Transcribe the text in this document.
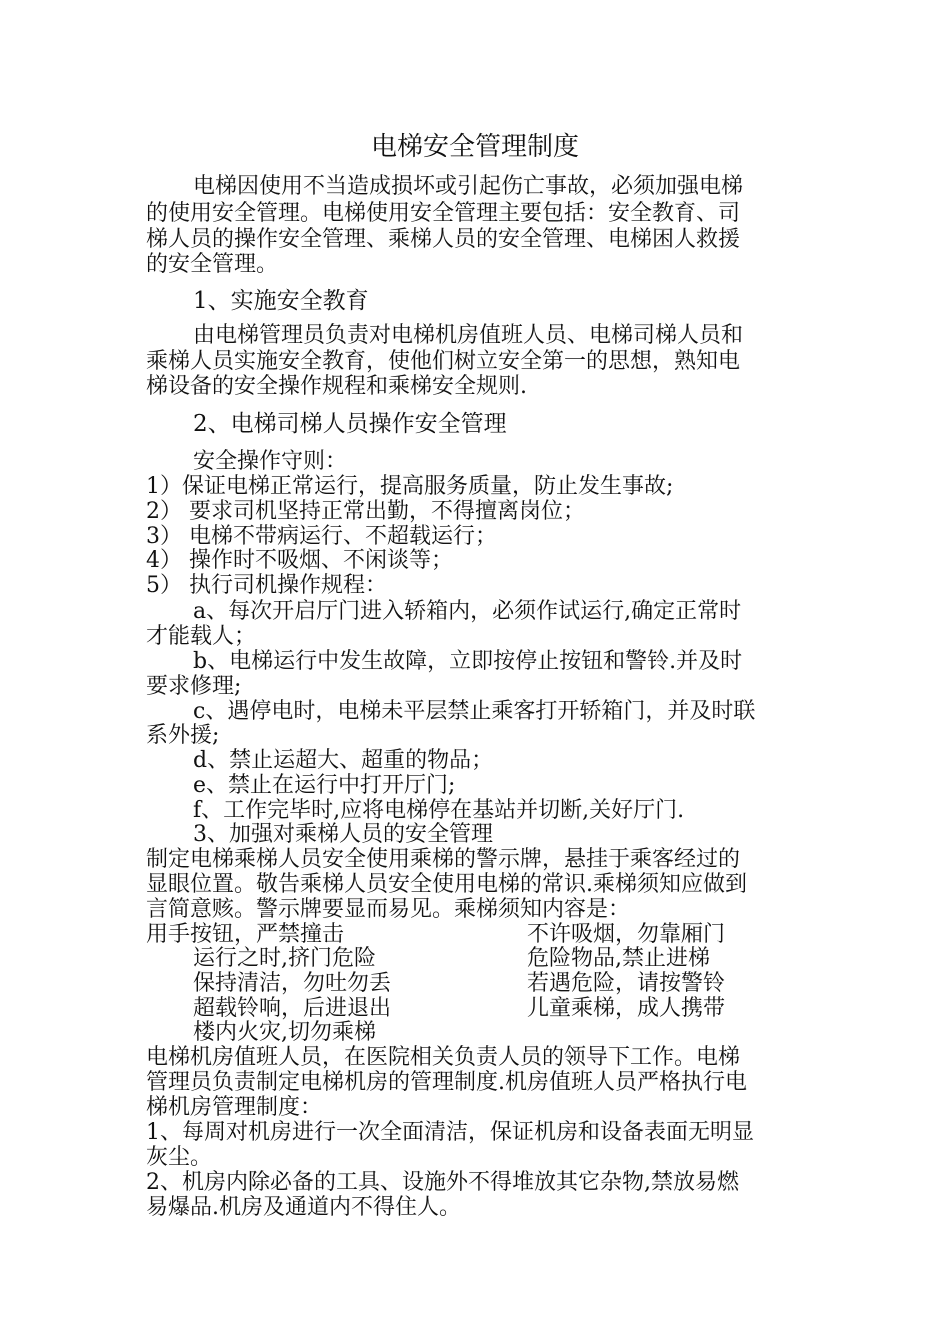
电梯安全管理制度
电梯因使用不当造成损坏或引起伤亡事故，必须加强电梯
的使用安全管理。电梯使用安全管理主要包括：安全教育、司
梯人员的操作安全管理、乘梯人员的安全管理、电梯困人救援
的安全管理。
1、实施安全教育
由电梯管理员负责对电梯机房值班人员、电梯司梯人员和
乘梯人员实施安全教育，使他们树立安全第一的思想，熟知电
梯设备的安全操作规程和乘梯安全规则.
2、电梯司梯人员操作安全管理
安全操作守则：
1）保证电梯正常运行，提高服务质量，防止发生事故;
2） 要求司机坚持正常出勤，不得擅离岗位；
3） 电梯不带病运行、不超载运行；
4） 操作时不吸烟、不闲谈等；
5） 执行司机操作规程：
a、每次开启厅门进入轿箱内，必须作试运行,确定正常时
才能载人；
b、电梯运行中发生故障，立即按停止按钮和警铃.并及时
要求修理;
c、遇停电时，电梯未平层禁止乘客打开轿箱门，并及时联
系外援;
d、禁止运超大、超重的物品；
e、禁止在运行中打开厅门;
f、工作完毕时,应将电梯停在基站并切断,关好厅门.
3、加强对乘梯人员的安全管理
制定电梯乘梯人员安全使用乘梯的警示牌，悬挂于乘客经过的
显眼位置。敬告乘梯人员安全使用电梯的常识.乘梯须知应做到
言简意赅。警示牌要显而易见。乘梯须知内容是：
用手按钮，严禁撞击	不许吸烟，勿靠厢门
运行之时,挤门危险	危险物品,禁止进梯
保持清洁，勿吐勿丢	若遇危险，请按警铃
超载铃响，后进退出	儿童乘梯，成人携带
楼内火灾,切勿乘梯
电梯机房值班人员，在医院相关负责人员的领导下工作。电梯
管理员负责制定电梯机房的管理制度.机房值班人员严格执行电
梯机房管理制度：
1、每周对机房进行一次全面清洁，保证机房和设备表面无明显
灰尘。
2、机房内除必备的工具、设施外不得堆放其它杂物,禁放易燃
易爆品.机房及通道内不得住人。
